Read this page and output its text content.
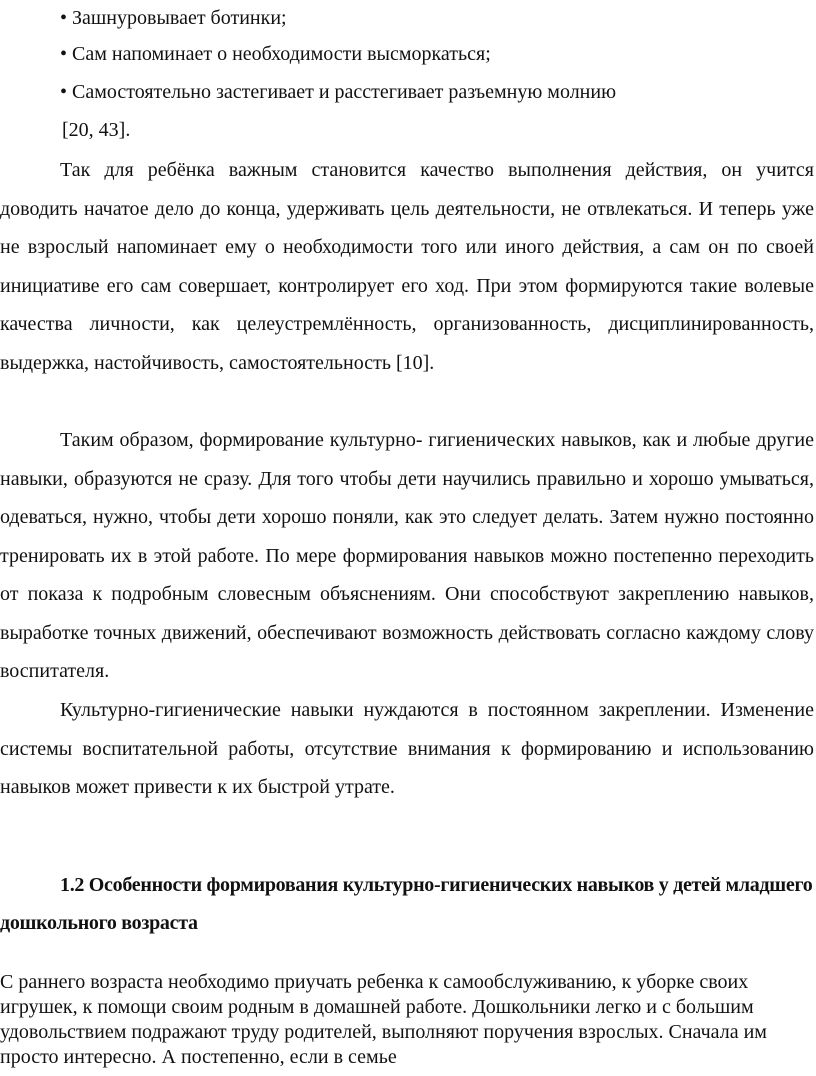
• Зашнуровывает ботинки;
• Сам напоминает о необходимости высморкаться;
• Самостоятельно застегивает и расстегивает разъемную молнию
[20, 43].

Так для ребёнка важным становится качество выполнения действия, он учится доводить начатое дело до конца, удерживать цель деятельности, не отвлекаться. И теперь уже не взрослый напоминает ему о необходимости того или иного действия, а сам он по своей инициативе его сам совершает, контролирует его ход. При этом формируются такие волевые качества личности, как целеустремлённость, организованность, дисциплинированность, выдержка, настойчивость, самостоятельность [10].

Таким образом, формирование культурно- гигиенических навыков, как и любые другие навыки, образуются не сразу. Для того чтобы дети научились правильно и хорошо умываться, одеваться, нужно, чтобы дети хорошо поняли, как это следует делать. Затем нужно постоянно тренировать их в этой работе. По мере формирования навыков можно постепенно переходить от показа к подробным словесным объяснениям. Они способствуют закреплению навыков, выработке точных движений, обеспечивают возможность действовать согласно каждому слову воспитателя.

Культурно-гигиенические навыки нуждаются в постоянном закреплении. Изменение системы воспитательной работы, отсутствие внимания к формированию и использованию навыков может привести к их быстрой утрате.

1.2 Особенности формирования культурно-гигиенических навыков у детей младшего дошкольного возраста

С раннего возраста необходимо приучать ребенка к самообслуживанию, к уборке своих игрушек, к помощи своим родным в домашней работе. Дошкольники легко и с большим удовольствием подражают труду родителей, выполняют поручения взрослых. Сначала им просто интересно. А постепенно, если в семье
